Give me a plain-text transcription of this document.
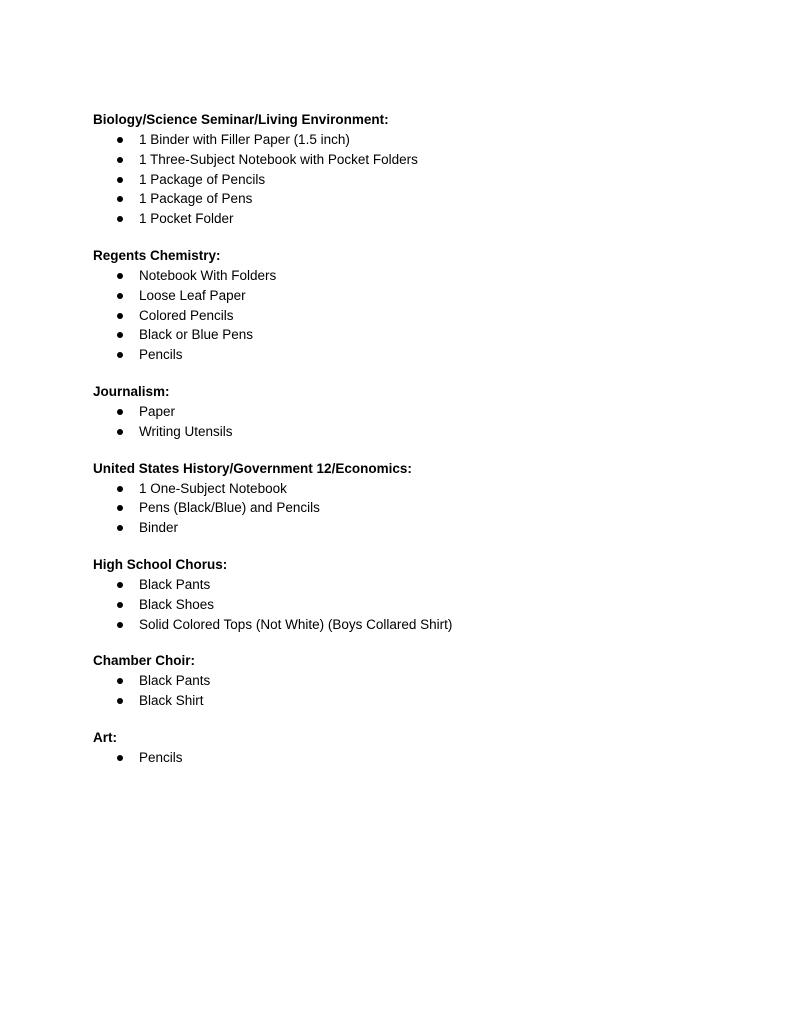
Biology/Science Seminar/Living Environment:

1 Binder with Filler Paper (1.5 inch)
1 Three-Subject Notebook with Pocket Folders
1 Package of Pencils
1 Package of Pens
1 Pocket Folder

Regents Chemistry:

Notebook With Folders
Loose Leaf Paper
Colored Pencils
Black or Blue Pens
Pencils

Journalism:

Paper
Writing Utensils

United States History/Government 12/Economics:

1 One-Subject Notebook
Pens (Black/Blue) and Pencils
Binder

High School Chorus:

Black Pants
Black Shoes
Solid Colored Tops (Not White) (Boys Collared Shirt)

Chamber Choir:

Black Pants
Black Shirt

Art:

Pencils
